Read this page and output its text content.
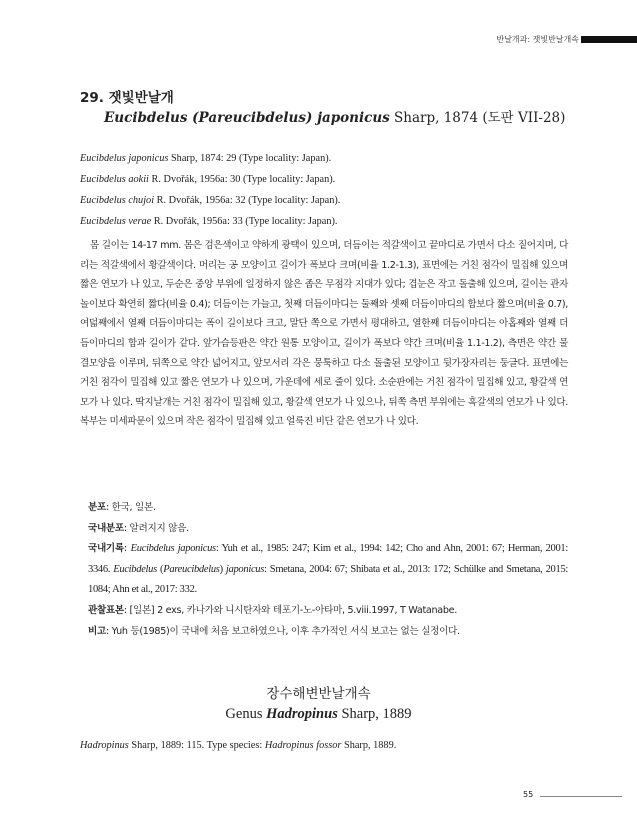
반날개과: 잿빛반날개속
29. 잿빛반날개
Eucibdelus (Pareucibdelus) japonicus Sharp, 1874 (도판 VII-28)
Eucibdelus japonicus Sharp, 1874: 29 (Type locality: Japan).
Eucibdelus aokii R. Dvořák, 1956a: 30 (Type locality: Japan).
Eucibdelus chujoi R. Dvořák, 1956a: 32 (Type locality: Japan).
Eucibdelus verae R. Dvořák, 1956a: 33 (Type locality: Japan).
몸 길이는 14-17 mm. 몸은 검은색이고 약하게 광택이 있으며, 더듬이는 적갈색이고 끝마디로 가면서 다소 짙어지며, 다리는 적갈색에서 황갈색이다. 머리는 공 모양이고 길이가 폭보다 크며(비율 1.2-1.3), 표면에는 거친 점각이 밀집해 있으며 짧은 연모가 나 있고, 두순은 중앙 부위에 일정하지 않은 좁은 무점각 지대가 있다; 겹눈은 작고 돌출해 있으며, 길이는 관자놀이보다 확연히 짧다(비율 0.4); 더듬이는 가늘고, 첫째 더듬이마디는 둘째와 셋째 더듬이마디의 합보다 짧으며(비율 0.7), 여덟째에서 열째 더듬이마디는 폭이 길이보다 크고, 말단 쪽으로 가면서 평대하고, 열한째 더듬이마디는 아홉째와 열째 더듬이마디의 합과 길이가 같다. 앞가슴등판은 약간 원통 모양이고, 길이가 폭보다 약간 크며(비율 1.1-1.2), 측면은 약간 물결모양을 이루며, 뒤쪽으로 약간 넓어지고, 앞모서리 각은 뭉툭하고 다소 돌출된 모양이고 뒷가장자리는 둥글다. 표면에는 거친 점각이 밀집해 있고 짧은 연모가 나 있으며, 가운데에 세로 줄이 있다. 소순판에는 거친 점각이 밀집해 있고, 황갈색 연모가 나 있다. 딱지날개는 거친 점각이 밀집해 있고, 황갈색 연모가 나 있으나, 뒤쪽 측면 부위에는 흑갈색의 연모가 나 있다. 복부는 미세파문이 있으며 작은 점각이 밀집해 있고 얼룩진 비단 같은 연모가 나 있다.
분포: 한국, 일본.
국내분포: 알려지지 않음.
국내기록: Eucibdelus japonicus: Yuh et al., 1985: 247; Kim et al., 1994: 142; Cho and Ahn, 2001: 67; Herman, 2001: 3346. Eucibdelus (Pareucibdelus) japonicus: Smetana, 2004: 67; Shibata et al., 2013: 172; Schülke and Smetana, 2015: 1084; Ahn et al., 2017: 332.
관찰표본: [일본] 2 exs, 카나가와 니시탄자와 테포기-노-아타마, 5.viii.1997, T Watanabe.
비고: Yuh 등(1985)이 국내에 처음 보고하였으나, 이후 추가적인 서식 보고는 없는 실정이다.
장수해변반날개속
Genus Hadropinus Sharp, 1889
Hadropinus Sharp, 1889: 115. Type species: Hadropinus fossor Sharp, 1889.
55
